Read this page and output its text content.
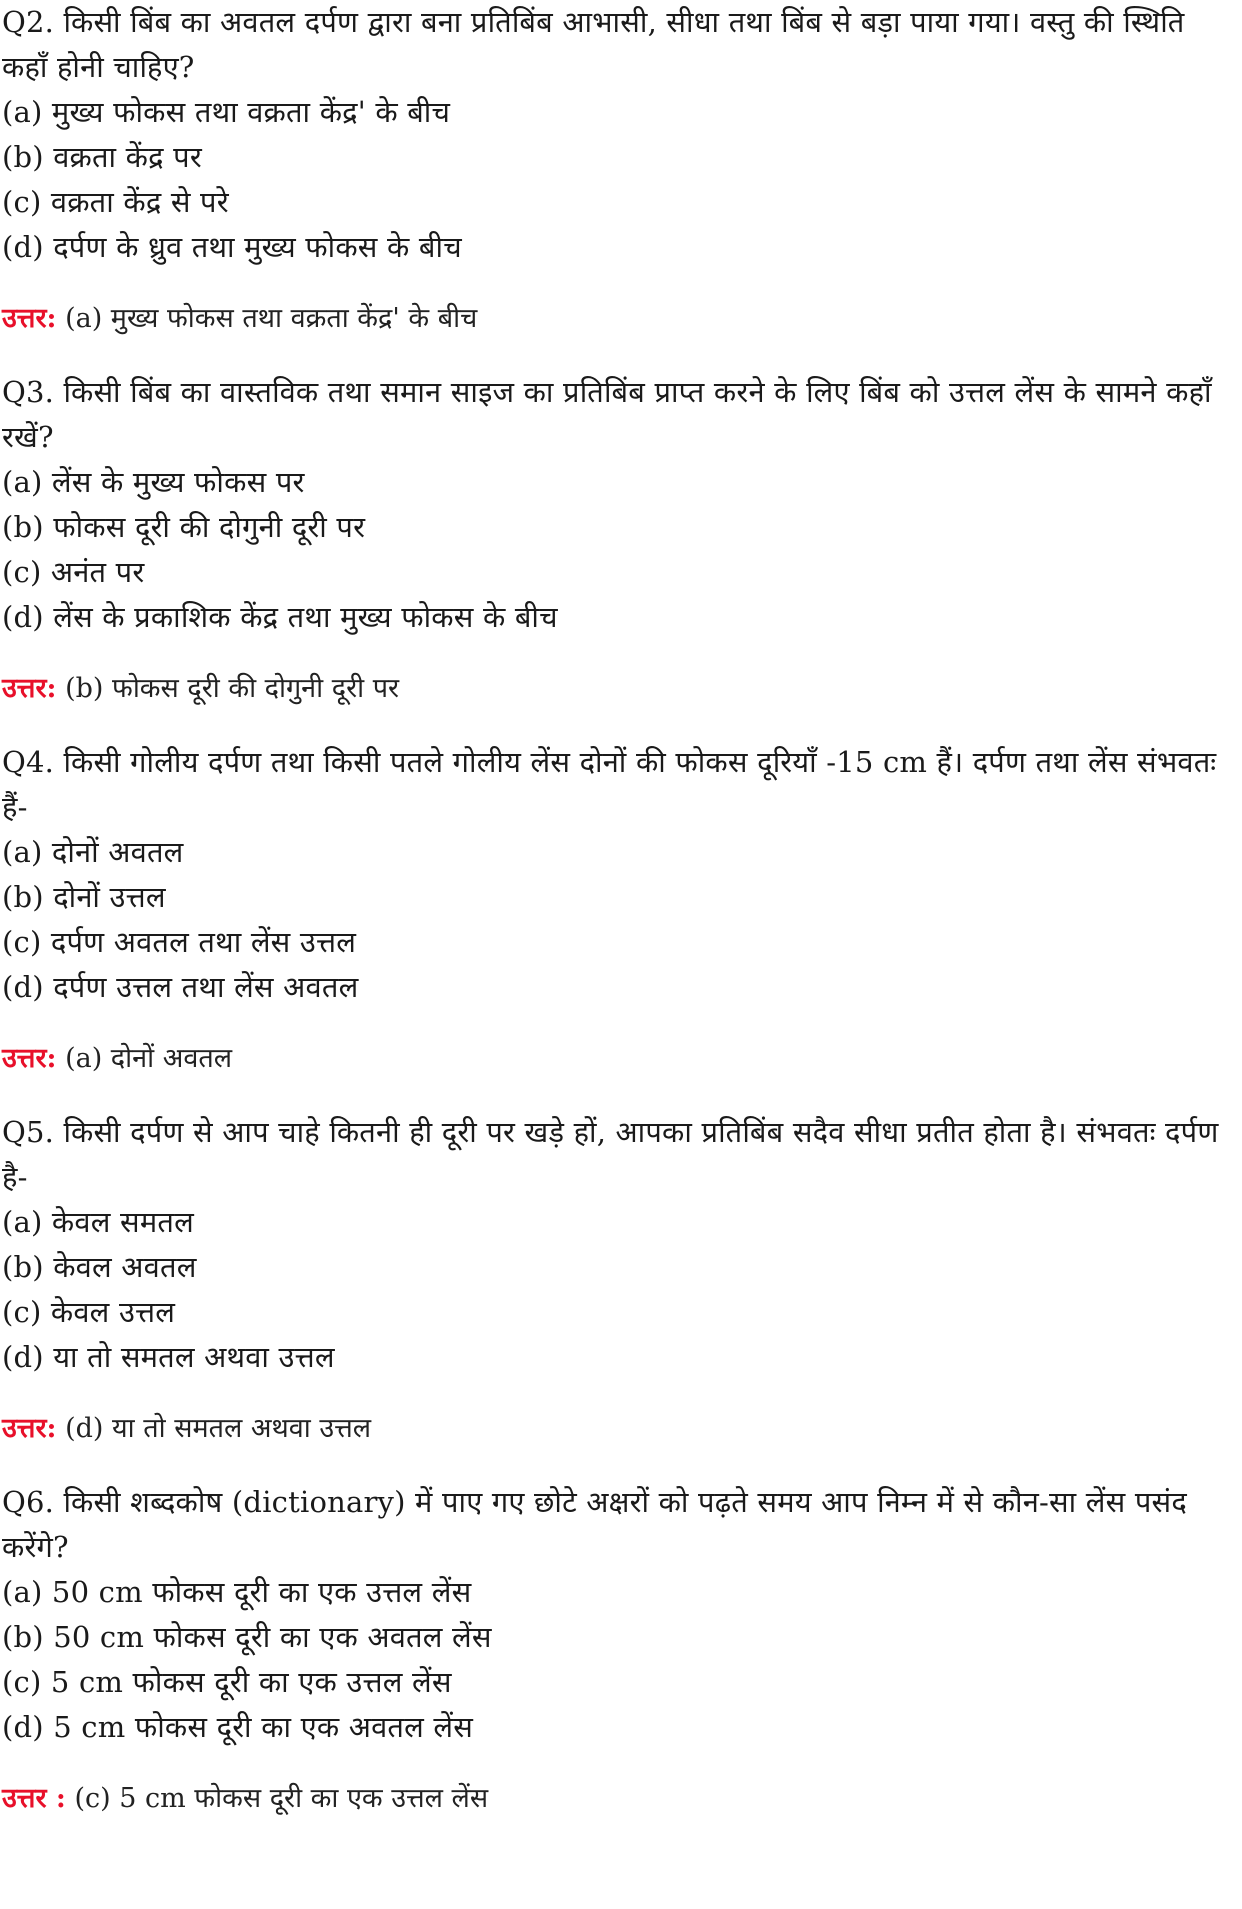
Q2. किसी बिंब का अवतल दर्पण द्वारा बना प्रतिबिंब आभासी, सीधा तथा बिंब से बड़ा पाया गया। वस्तु की स्थिति कहाँ होनी चाहिए?
(a) मुख्य फोकस तथा वक्रता केंद्र' के बीच
(b) वक्रता केंद्र पर
(c) वक्रता केंद्र से परे
(d) दर्पण के ध्रुव तथा मुख्य फोकस के बीच
उत्तर: (a) मुख्य फोकस तथा वक्रता केंद्र' के बीच
Q3. किसी बिंब का वास्तविक तथा समान साइज का प्रतिबिंब प्राप्त करने के लिए बिंब को उत्तल लेंस के सामने कहाँ रखें?
(a) लेंस के मुख्य फोकस पर
(b) फोकस दूरी की दोगुनी दूरी पर
(c) अनंत पर
(d) लेंस के प्रकाशिक केंद्र तथा मुख्य फोकस के बीच
उत्तर: (b) फोकस दूरी की दोगुनी दूरी पर
Q4. किसी गोलीय दर्पण तथा किसी पतले गोलीय लेंस दोनों की फोकस दूरियाँ -15 cm हैं। दर्पण तथा लेंस संभवतः हैं-
(a) दोनों अवतल
(b) दोनों उत्तल
(c) दर्पण अवतल तथा लेंस उत्तल
(d) दर्पण उत्तल तथा लेंस अवतल
उत्तर: (a) दोनों अवतल
Q5. किसी दर्पण से आप चाहे कितनी ही दूरी पर खड़े हों, आपका प्रतिबिंब सदैव सीधा प्रतीत होता है। संभवतः दर्पण है-
(a) केवल समतल
(b) केवल अवतल
(c) केवल उत्तल
(d) या तो समतल अथवा उत्तल
उत्तर: (d) या तो समतल अथवा उत्तल
Q6. किसी शब्दकोष (dictionary) में पाए गए छोटे अक्षरों को पढ़ते समय आप निम्न में से कौन-सा लेंस पसंद करेंगे?
(a) 50 cm फोकस दूरी का एक उत्तल लेंस
(b) 50 cm फोकस दूरी का एक अवतल लेंस
(c) 5 cm फोकस दूरी का एक उत्तल लेंस
(d) 5 cm फोकस दूरी का एक अवतल लेंस
उत्तर : (c) 5 cm फोकस दूरी का एक उत्तल लेंस
